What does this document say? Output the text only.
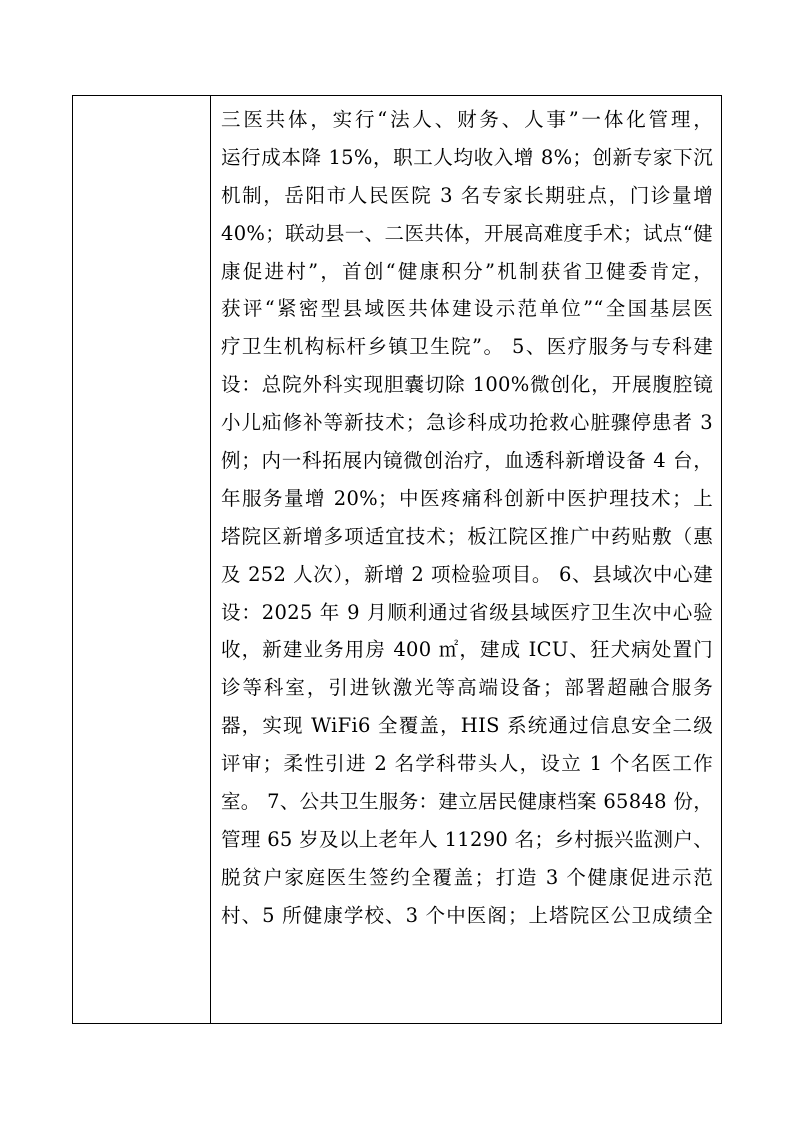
三医共体，实行“法人、财务、人事”一体化管理，
运行成本降 15%，职工人均收入增 8%；创新专家下沉
机制，岳阳市人民医院 3 名专家长期驻点，门诊量增
40%；联动县一、二医共体，开展高难度手术；试点“健
康促进村”，首创“健康积分”机制获省卫健委肯定，
获评“紧密型县域医共体建设示范单位”“全国基层医
疗卫生机构标杆乡镇卫生院”。 5、医疗服务与专科建
设：总院外科实现胆囊切除 100%微创化，开展腹腔镜
小儿疝修补等新技术；急诊科成功抢救心脏骤停患者 3
例；内一科拓展内镜微创治疗，血透科新增设备 4 台，
年服务量增 20%；中医疼痛科创新中医护理技术；上
塔院区新增多项适宜技术；板江院区推广中药贴敷（惠
及 252 人次），新增 2 项检验项目。 6、县域次中心建
设：2025 年 9 月顺利通过省级县域医疗卫生次中心验
收，新建业务用房 400 ㎡，建成 ICU、狂犬病处置门
诊等科室，引进钬激光等高端设备；部署超融合服务
器，实现 WiFi6 全覆盖，HIS 系统通过信息安全二级
评审；柔性引进 2 名学科带头人，设立 1 个名医工作
室。 7、公共卫生服务：建立居民健康档案 65848 份，
管理 65 岁及以上老年人 11290 名；乡村振兴监测户、
脱贫户家庭医生签约全覆盖；打造 3 个健康促进示范
村、5 所健康学校、3 个中医阁；上塔院区公卫成绩全
